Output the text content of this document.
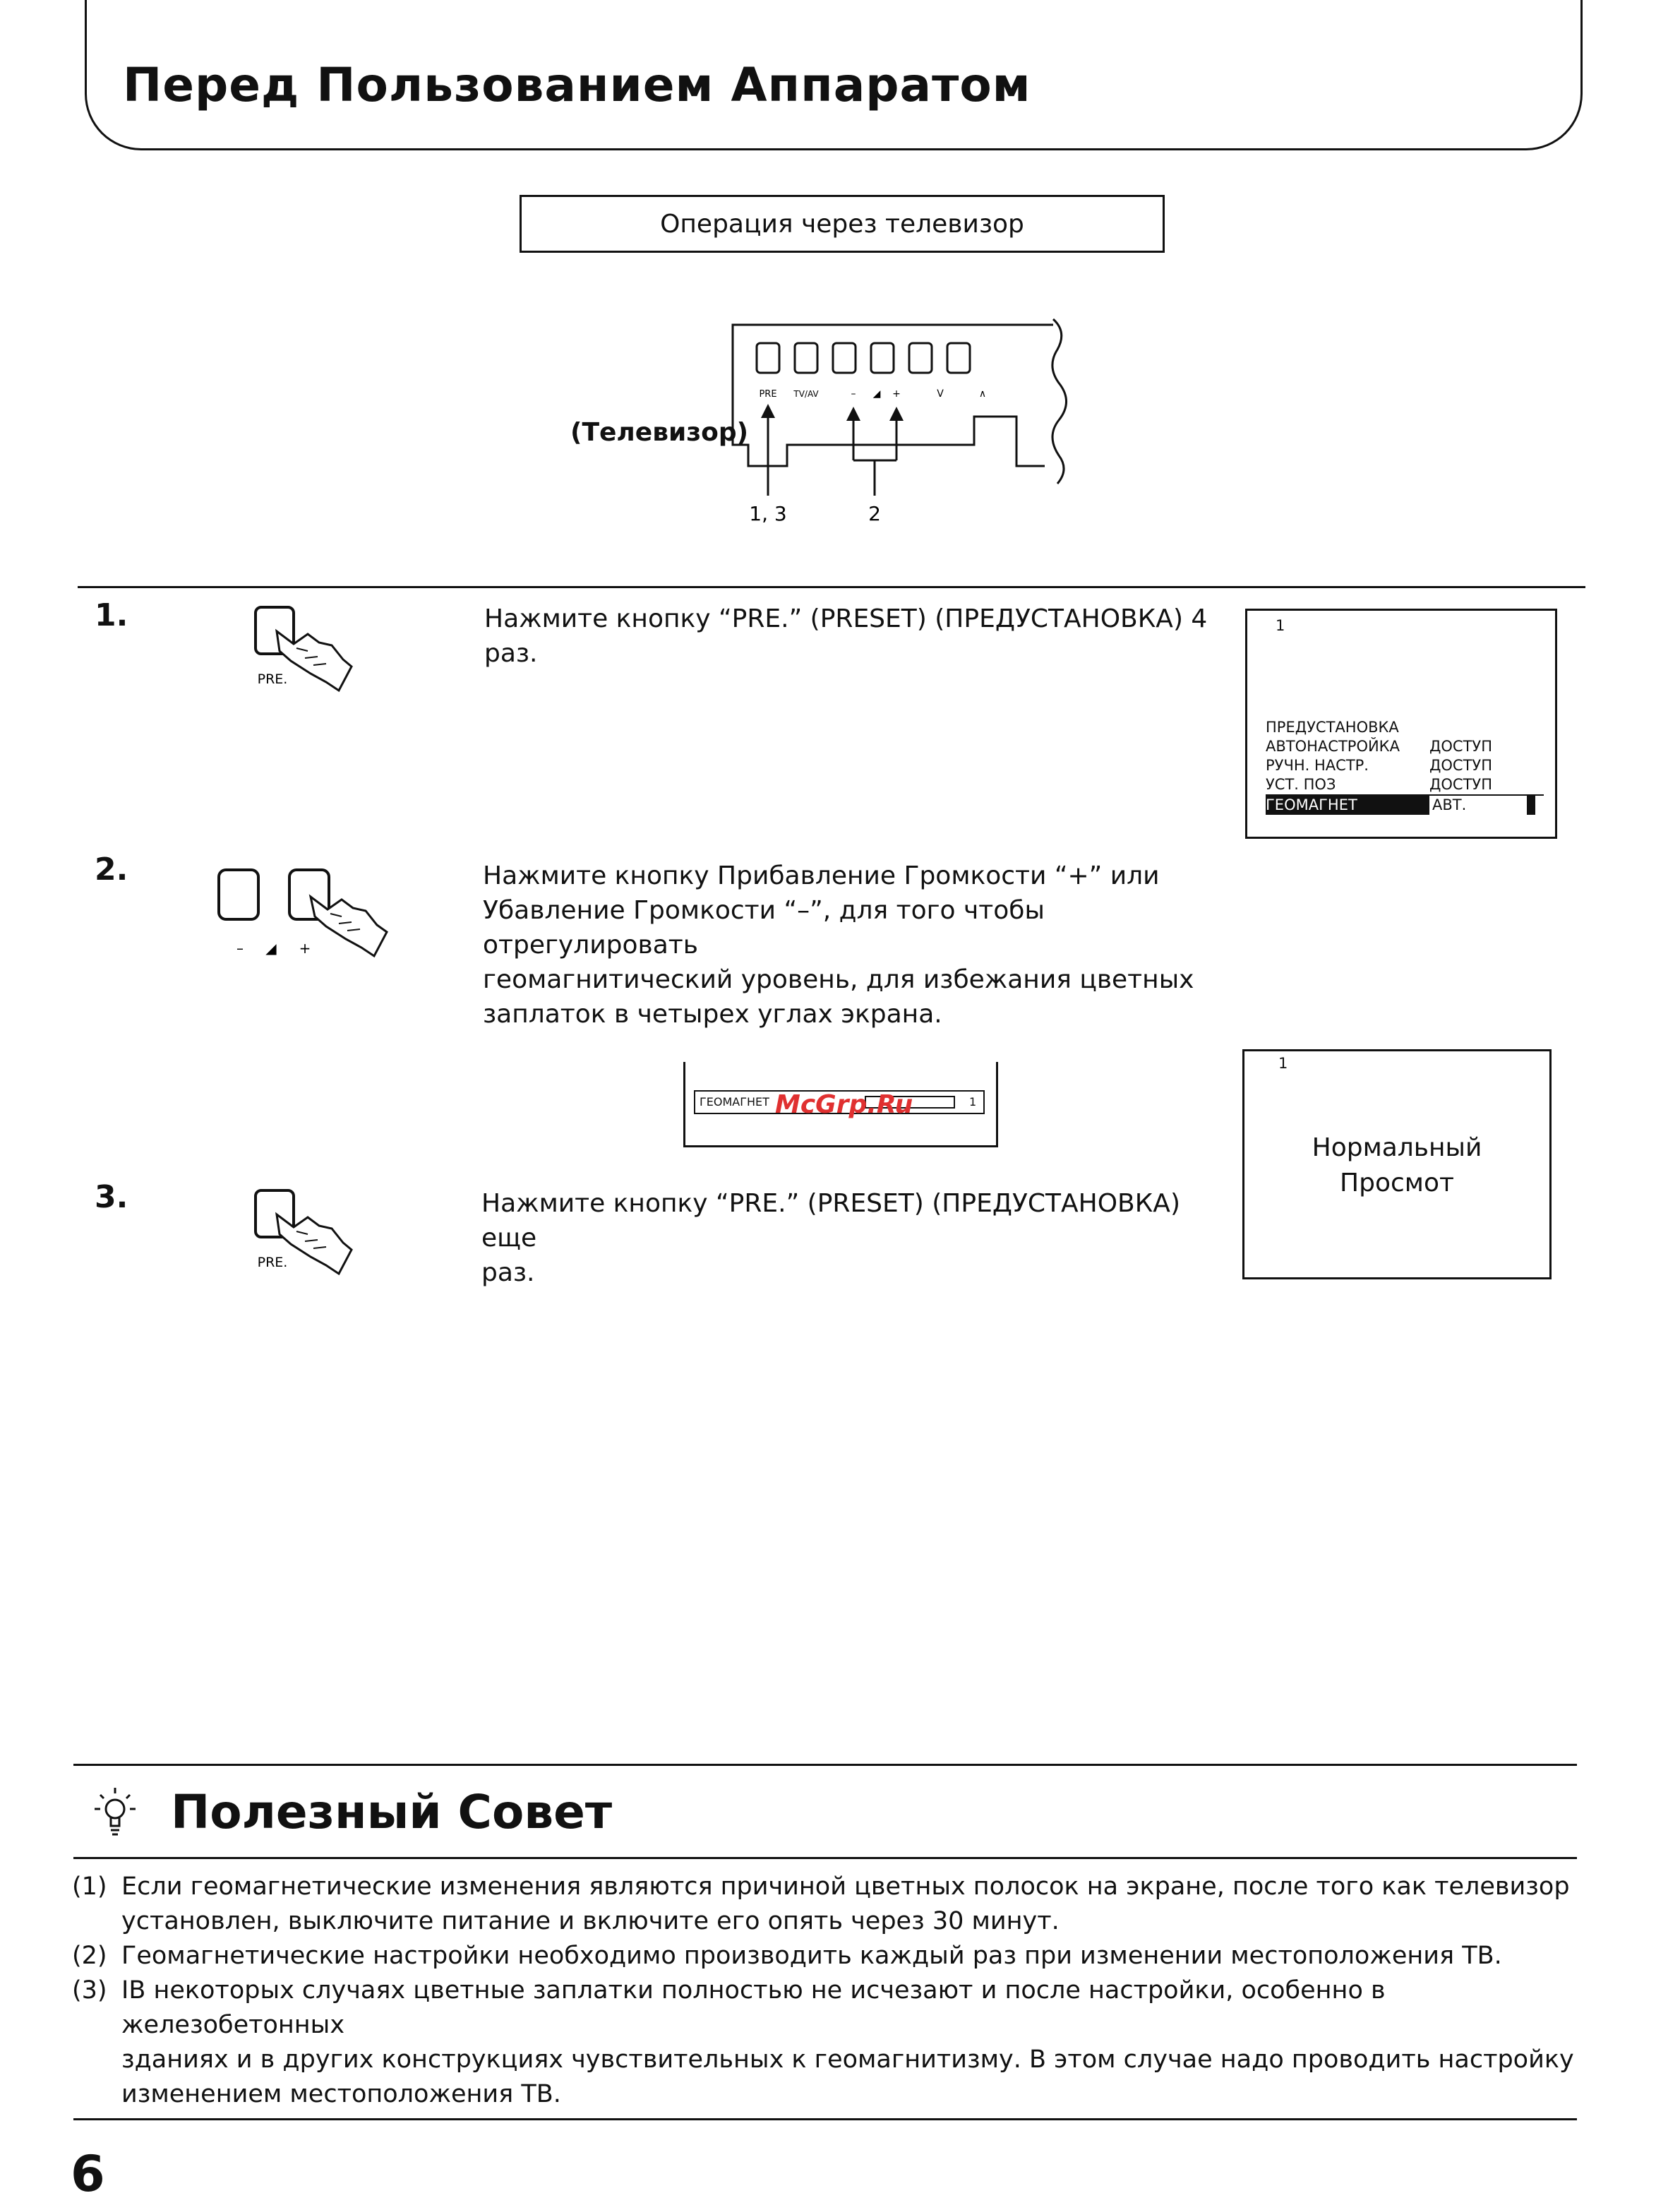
Перед Пользованием Аппаратом
Операция через телевизор
(Телевизор)
PRE TV/AV	– ◢ +	V	∧
1, 3	2
1.
PRE.
Нажмите кнопку “PRE.” (PRESET) (ПРЕДУСТАНОВКА) 4 раз.
1
ПРЕДУСТАНОВКА
АВТОНАСТРОЙКА	ДОСТУП
РУЧН. НАСТР.	ДОСТУП
УСТ. ПОЗ	ДОСТУП
ГЕОМАГНЕТ	АВТ.
2.
– ◢ +
Нажмите кнопку Прибавление Громкости “+” или
Убавление Громкости “–”, для того чтобы отрегулировать
геомагнитический уровень, для избежания цветных
заплаток в четырех углах экрана.
ГЕОМАГНЕТ	1
McGrp.Ru
1
Нормальный
Просмот
3.
PRE.
Нажмите кнопку “PRE.” (PRESET) (ПРЕДУСТАНОВКА) еще
раз.
Полезный Совет
(1) Если геомагнетические изменения являются причиной цветных полосок на экране, после того как телевизор
установлен, выключите питание и включите его опять через 30 минут.
(2) Геомагнетические настройки необходимо производить каждый раз при изменении местоположения ТВ.
(3) IВ некоторых случаях цветные заплатки полностью не исчезают и после настройки, особенно в железобетонных
зданиях и в других конструкциях чувствительных к геомагнитизму. В этом случае надо проводить настройку
изменением местоположения ТВ.
6
